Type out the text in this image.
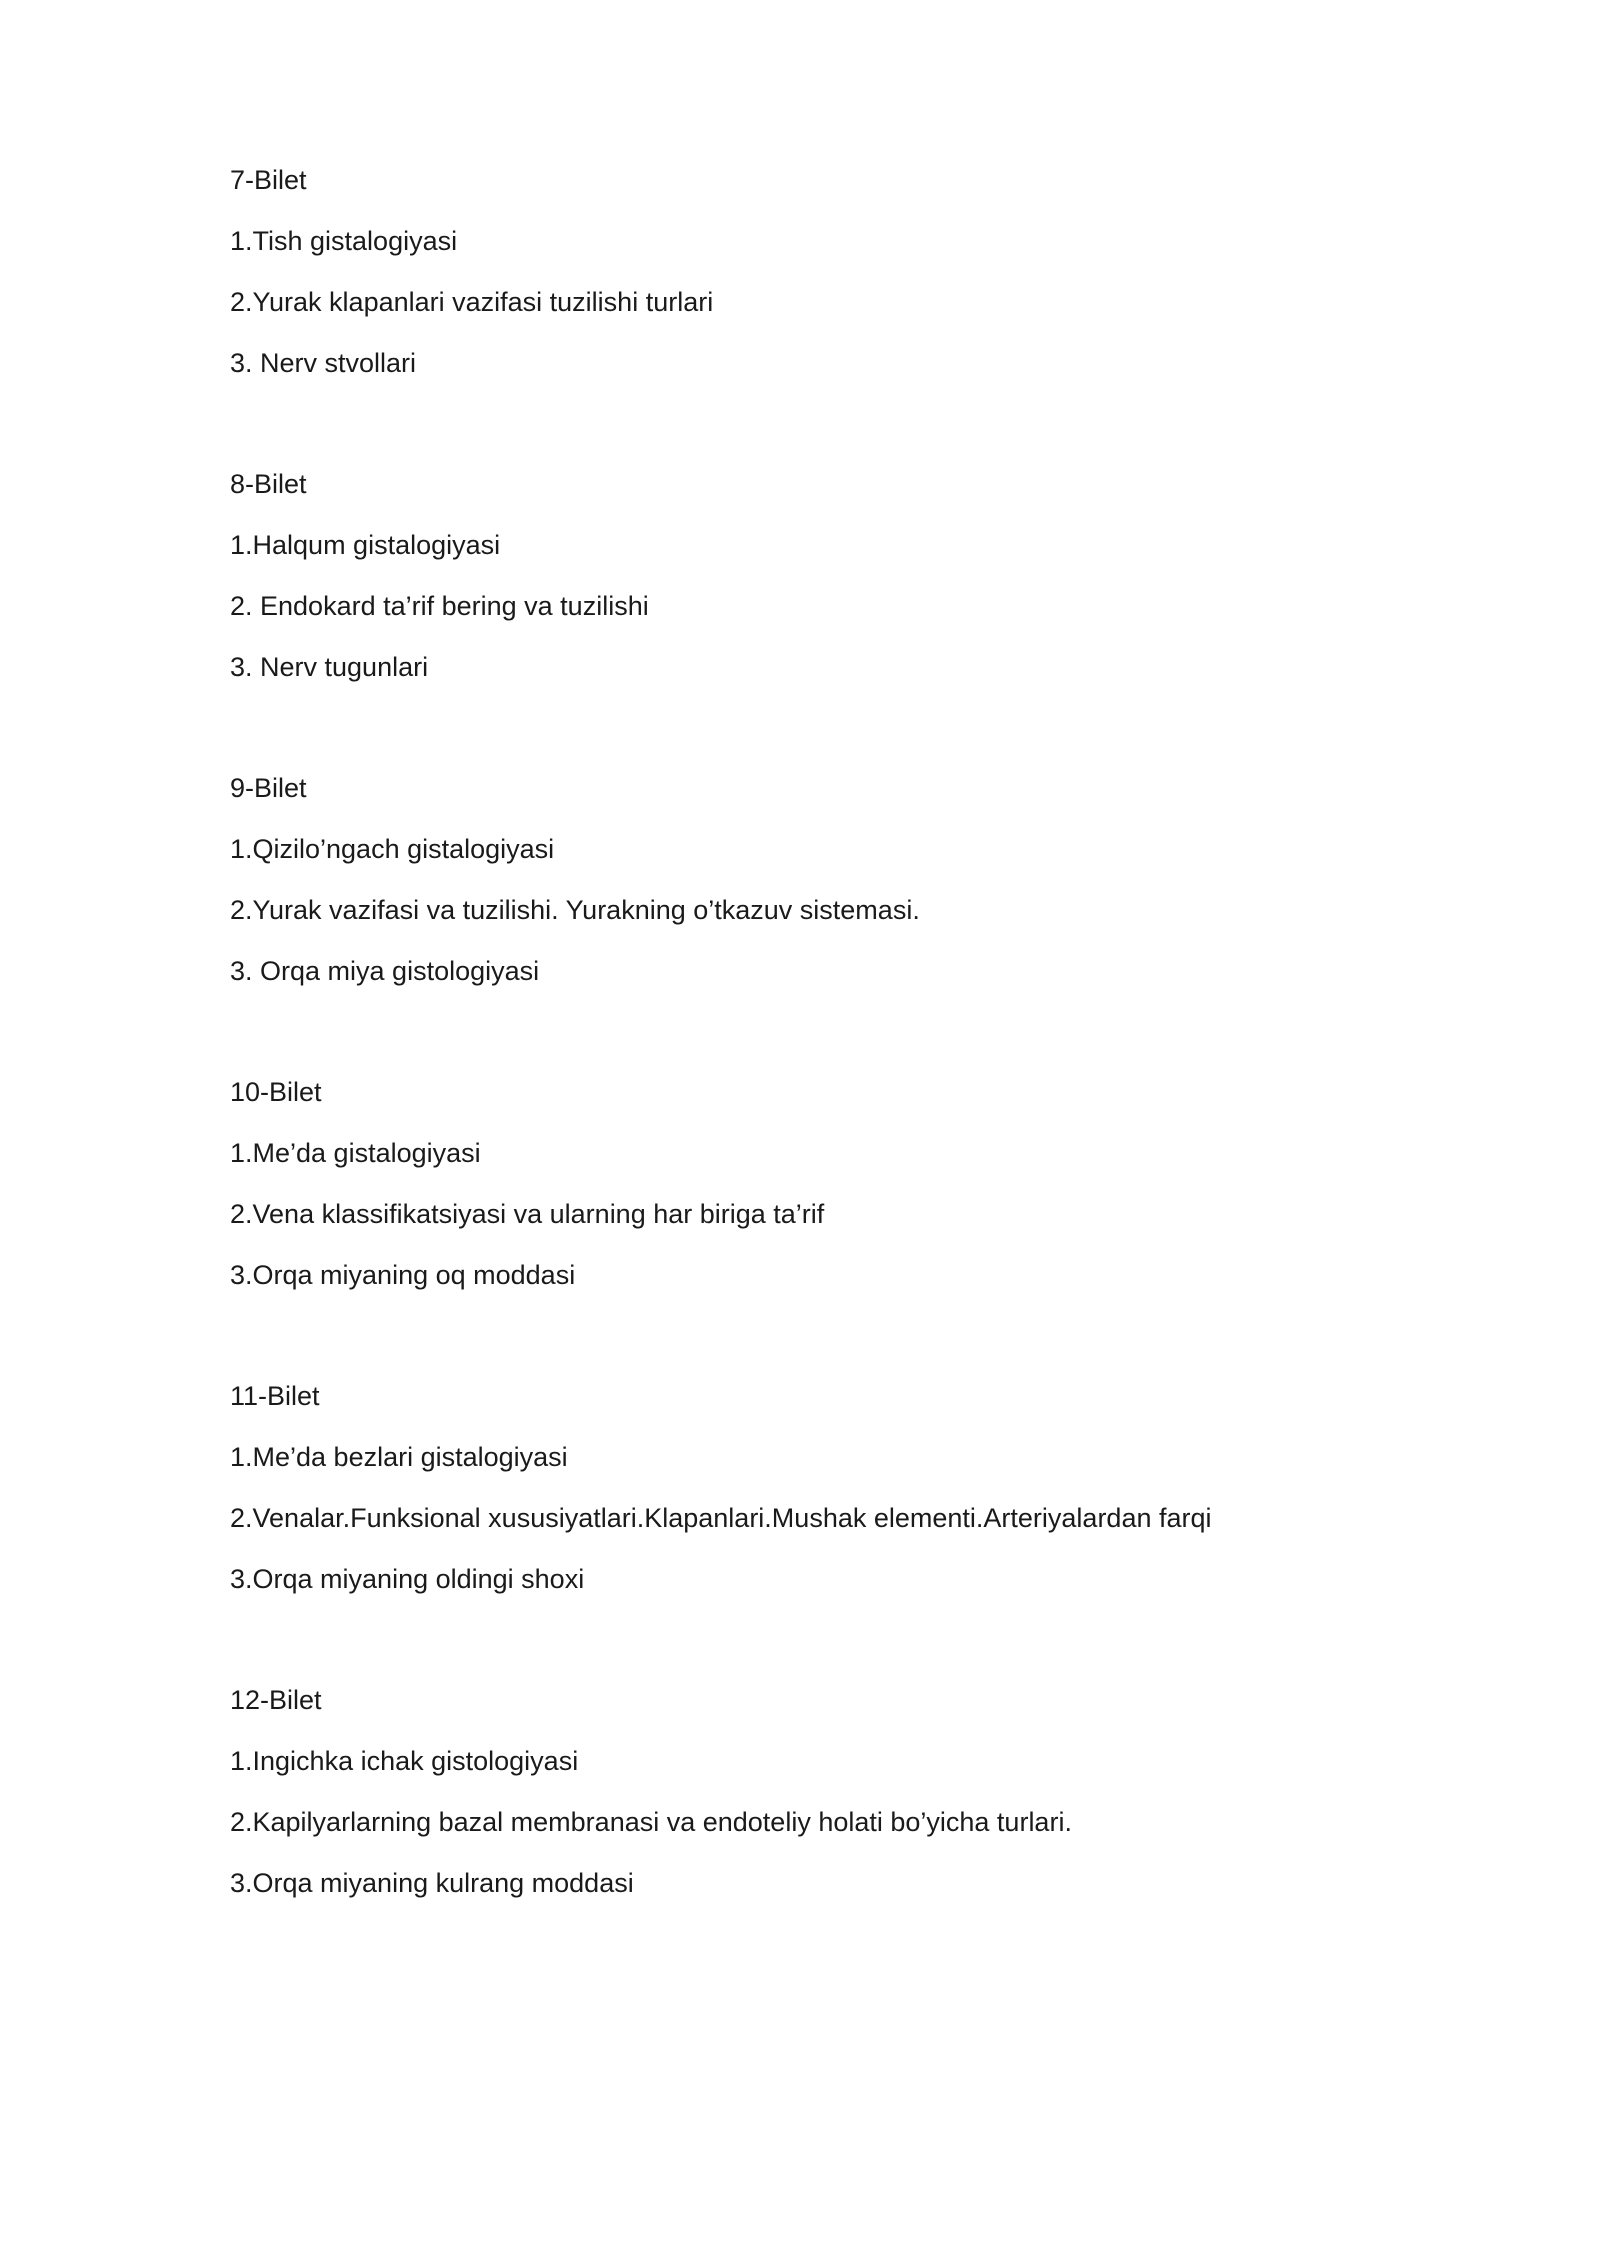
7-Bilet
1.Tish gistalogiyasi
2.Yurak klapanlari vazifasi tuzilishi turlari
3. Nerv stvollari
8-Bilet
1.Halqum gistalogiyasi
2. Endokard ta’rif bering va tuzilishi
3. Nerv tugunlari
9-Bilet
1.Qizilo’ngach gistalogiyasi
2.Yurak vazifasi va tuzilishi. Yurakning o’tkazuv sistemasi.
3. Orqa miya gistologiyasi
10-Bilet
1.Me’da gistalogiyasi
2.Vena klassifikatsiyasi va ularning har biriga ta’rif
3.Orqa miyaning oq moddasi
11-Bilet
1.Me’da bezlari gistalogiyasi
2.Venalar.Funksional xususiyatlari.Klapanlari.Mushak elementi.Arteriyalardan farqi
3.Orqa miyaning oldingi shoxi
12-Bilet
1.Ingichka ichak gistologiyasi
2.Kapilyarlarning bazal membranasi va endoteliy holati bo’yicha turlari.
3.Orqa miyaning kulrang moddasi
